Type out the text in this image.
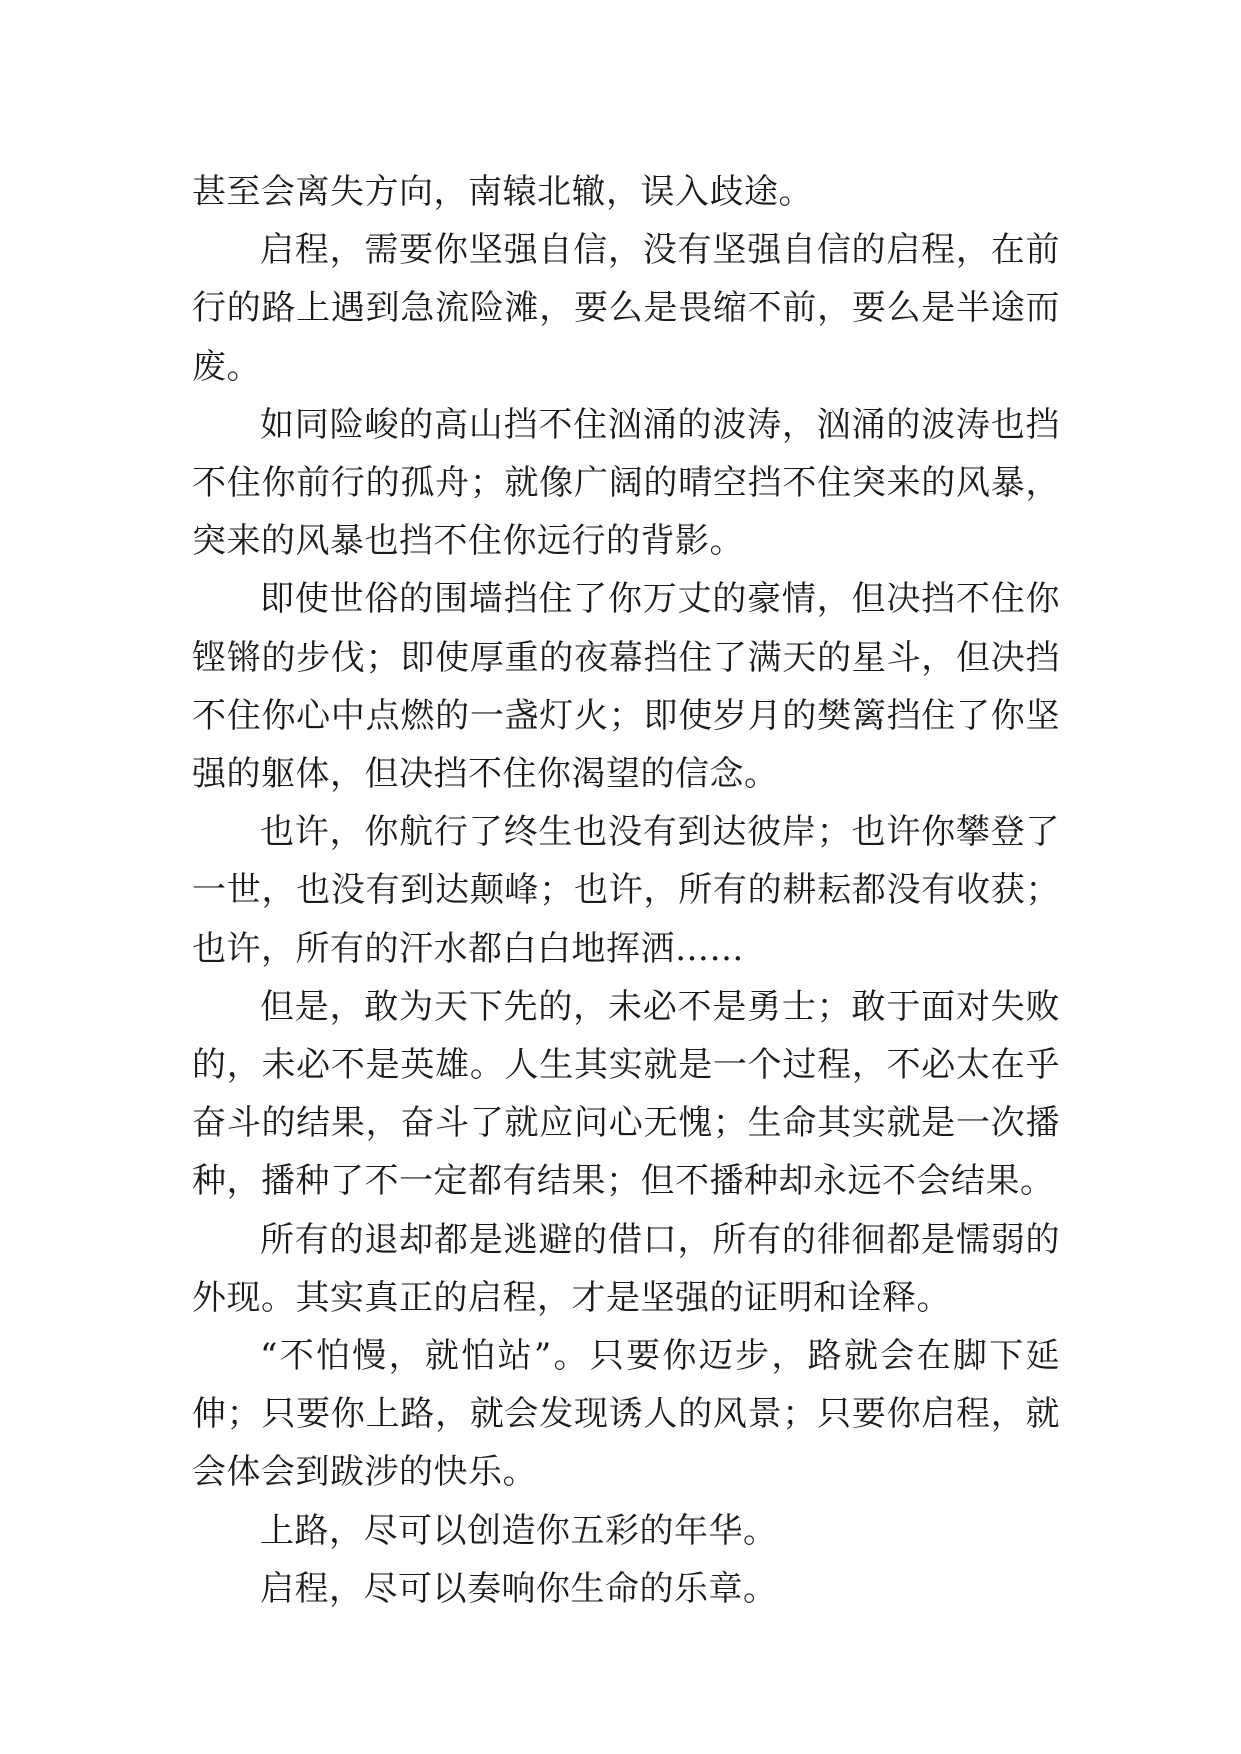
甚至会离失方向，南辕北辙，误入歧途。

启程，需要你坚强自信，没有坚强自信的启程，在前行的路上遇到急流险滩，要么是畏缩不前，要么是半途而废。

如同险峻的高山挡不住汹涌的波涛，汹涌的波涛也挡不住你前行的孤舟；就像广阔的晴空挡不住突来的风暴，突来的风暴也挡不住你远行的背影。

即使世俗的围墙挡住了你万丈的豪情，但决挡不住你铿锵的步伐；即使厚重的夜幕挡住了满天的星斗，但决挡不住你心中点燃的一盏灯火；即使岁月的樊篱挡住了你坚强的躯体，但决挡不住你渴望的信念。

也许，你航行了终生也没有到达彼岸；也许你攀登了一世，也没有到达颠峰；也许，所有的耕耘都没有收获；也许，所有的汗水都白白地挥洒……

但是，敢为天下先的，未必不是勇士；敢于面对失败的，未必不是英雄。人生其实就是一个过程，不必太在乎奋斗的结果，奋斗了就应问心无愧；生命其实就是一次播种，播种了不一定都有结果；但不播种却永远不会结果。

所有的退却都是逃避的借口，所有的徘徊都是懦弱的外现。其实真正的启程，才是坚强的证明和诠释。

“不怕慢，就怕站”。只要你迈步，路就会在脚下延伸；只要你上路，就会发现诱人的风景；只要你启程，就会体会到跋涉的快乐。

上路，尽可以创造你五彩的年华。

启程，尽可以奏响你生命的乐章。
